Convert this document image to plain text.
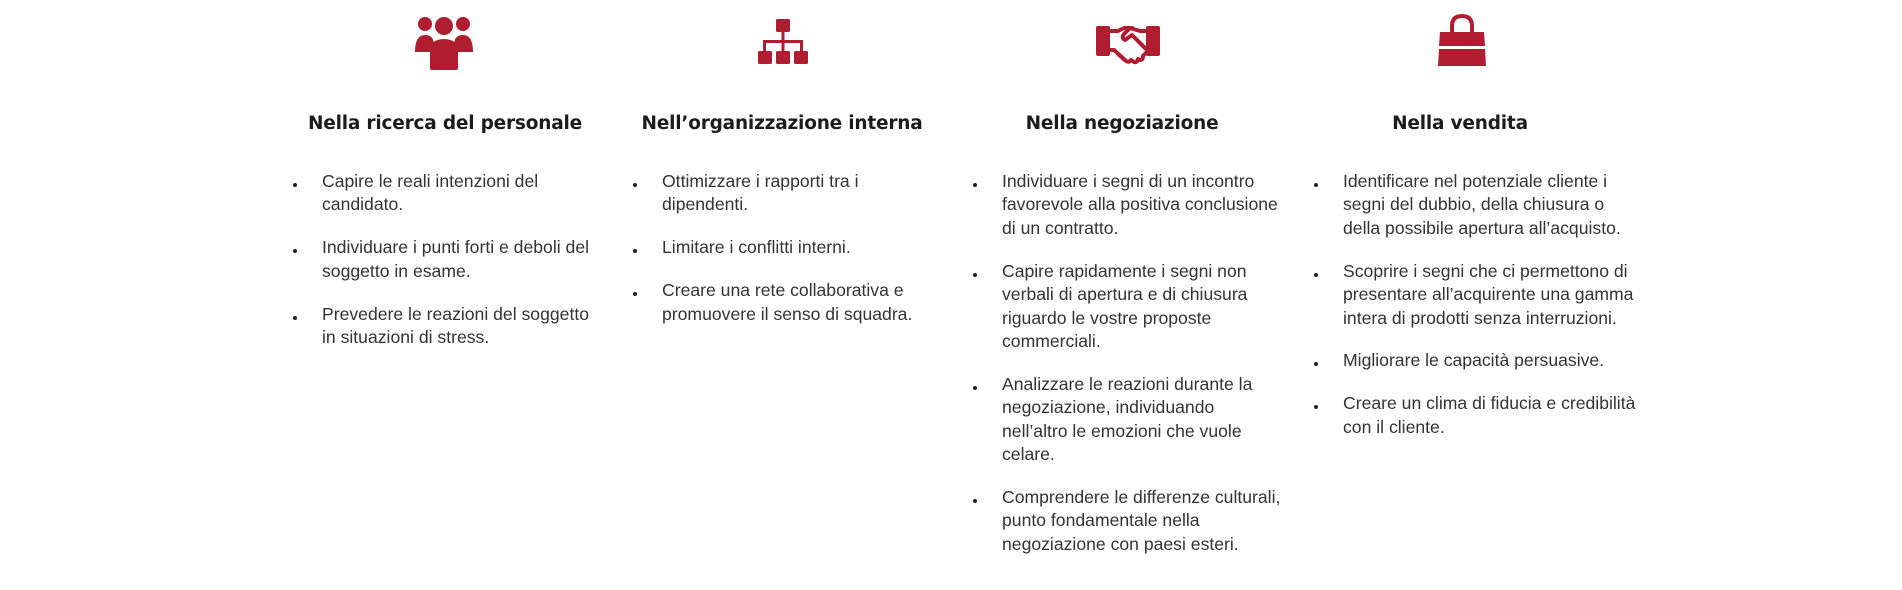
Nella ricerca del personale
Capire le reali intenzioni del candidato.
Individuare i punti forti e deboli del soggetto in esame.
Prevedere le reazioni del soggetto in situazioni di stress.
Nell’organizzazione interna
Ottimizzare i rapporti tra i dipendenti.
Limitare i conflitti interni.
Creare una rete collaborativa e promuovere il senso di squadra.
Nella negoziazione
Individuare i segni di un incontro favorevole alla positiva conclusione di un contratto.
Capire rapidamente i segni non verbali di apertura e di chiusura riguardo le vostre proposte commerciali.
Analizzare le reazioni durante la negoziazione, individuando nell’altro le emozioni che vuole celare.
Comprendere le differenze culturali, punto fondamentale nella negoziazione con paesi esteri.
Nella vendita
Identificare nel potenziale cliente i segni del dubbio, della chiusura o della possibile apertura all’acquisto.
Scoprire i segni che ci permettono di presentare all’acquirente una gamma intera di prodotti senza interruzioni.
Migliorare le capacità persuasive.
Creare un clima di fiducia e credibilità con il cliente.
